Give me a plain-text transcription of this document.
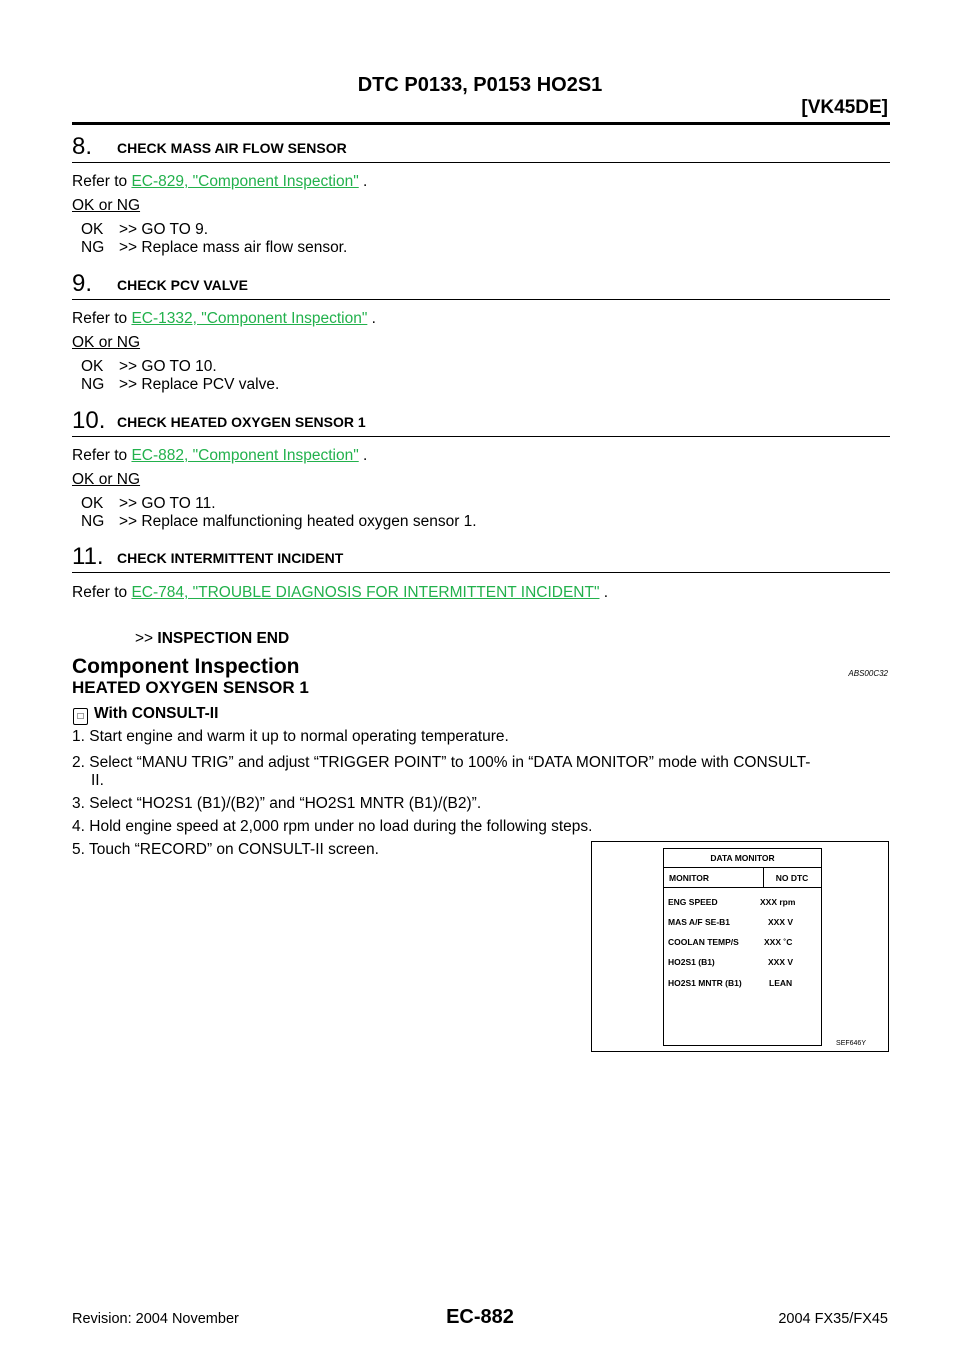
DTC P0133, P0153 HO2S1
[VK45DE]
8. CHECK MASS AIR FLOW SENSOR
Refer to EC-829, "Component Inspection" .
OK or NG
OK >> GO TO 9.
NG >> Replace mass air flow sensor.
9. CHECK PCV VALVE
Refer to EC-1332, "Component Inspection" .
OK or NG
OK >> GO TO 10.
NG >> Replace PCV valve.
10. CHECK HEATED OXYGEN SENSOR 1
Refer to EC-882, "Component Inspection" .
OK or NG
OK >> GO TO 11.
NG >> Replace malfunctioning heated oxygen sensor 1.
11. CHECK INTERMITTENT INCIDENT
Refer to EC-784, "TROUBLE DIAGNOSIS FOR INTERMITTENT INCIDENT" .
>> INSPECTION END
Component Inspection	ABS00C32
HEATED OXYGEN SENSOR 1
□ With CONSULT-II
1. Start engine and warm it up to normal operating temperature.
2. Select “MANU TRIG” and adjust “TRIGGER POINT” to 100% in “DATA MONITOR” mode with CONSULT-
II.
3. Select “HO2S1 (B1)/(B2)” and “HO2S1 MNTR (B1)/(B2)”.
4. Hold engine speed at 2,000 rpm under no load during the following steps.
5. Touch “RECORD” on CONSULT-II screen.	DATA MONITOR
MONITOR	NO DTC
ENG SPEED	XXX rpm
MAS A/F SE-B1	XXX V
COOLAN TEMP/S	XXX ˚C
HO2S1 (B1)	XXX V
HO2S1 MNTR (B1)	LEAN
SEF646Y
Revision: 2004 November	EC-882	2004 FX35/FX45
